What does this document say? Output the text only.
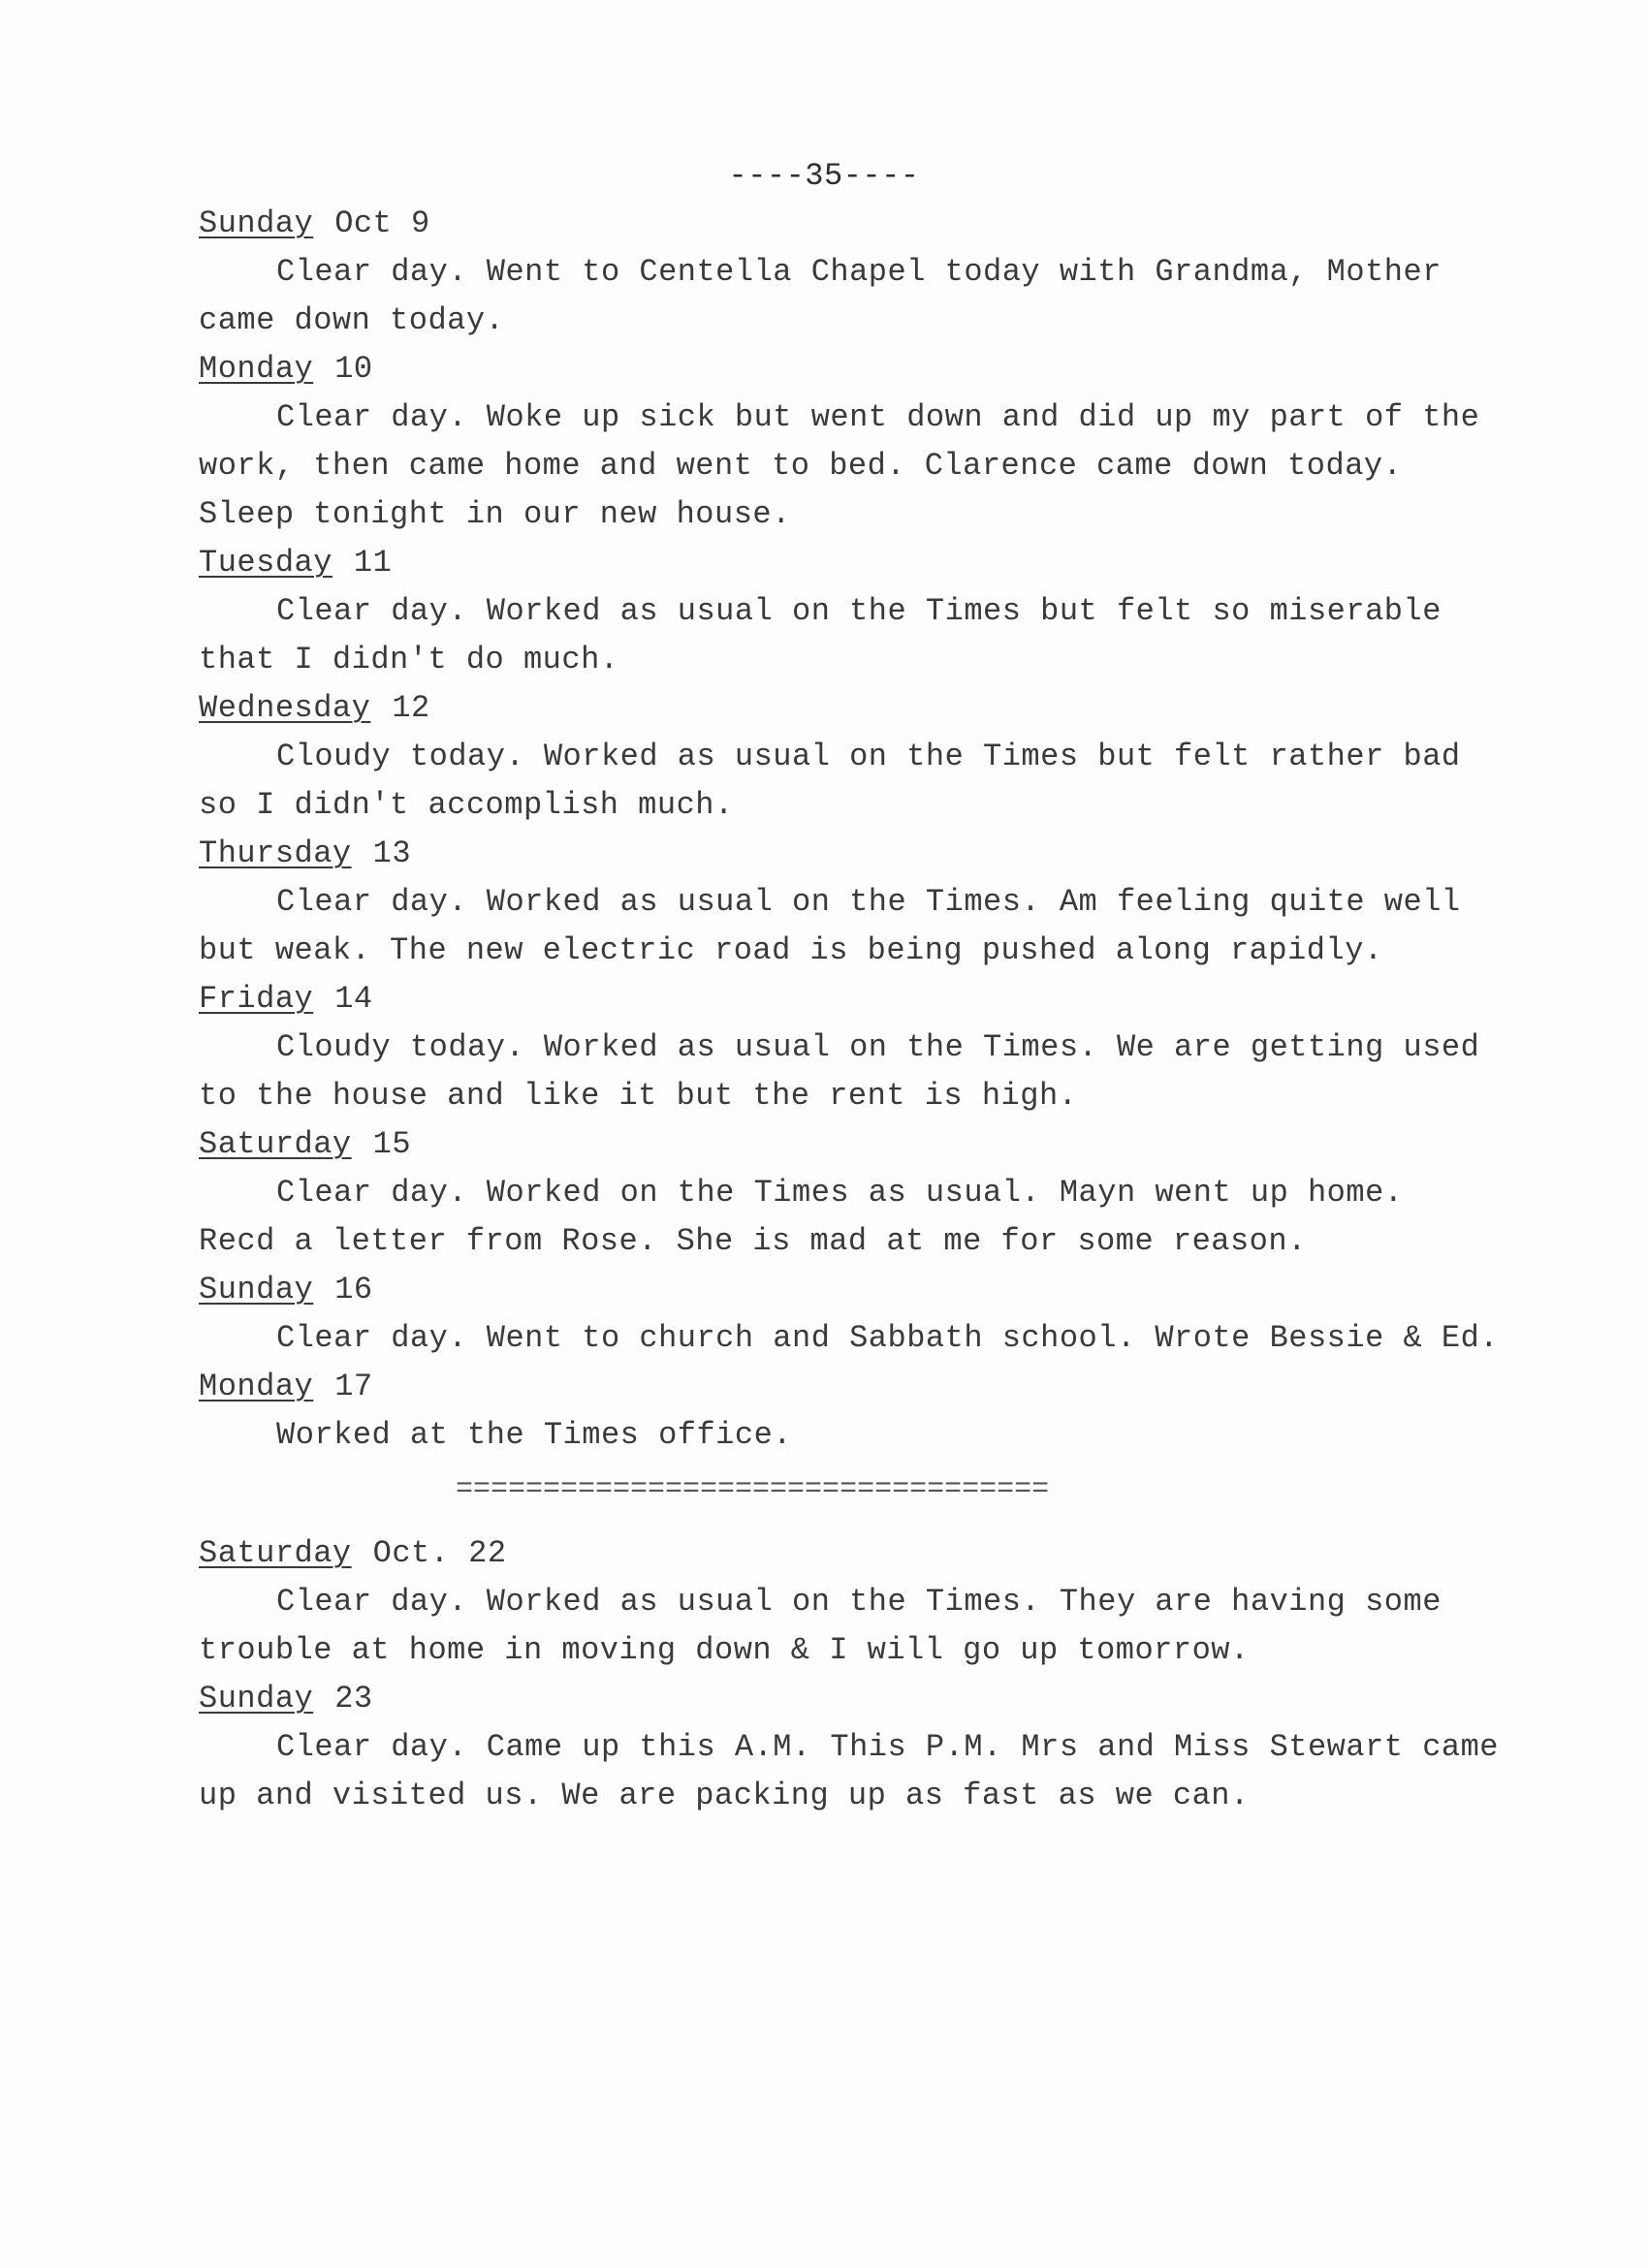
----35----
Sunday Oct 9
Clear day. Went to Centella Chapel today with Grandma, Mother
came down today.
Monday 10
Clear day. Woke up sick but went down and did up my part of the
work, then came home and went to bed. Clarence came down today.
Sleep tonight in our new house.
Tuesday 11
Clear day. Worked as usual on the Times but felt so miserable
that I didn't do much.
Wednesday 12
Cloudy today. Worked as usual on the Times but felt rather bad
so I didn't accomplish much.
Thursday 13
Clear day. Worked as usual on the Times. Am feeling quite well
but weak. The new electric road is being pushed along rapidly.
Friday 14
Cloudy today. Worked as usual on the Times. We are getting used
to the house and like it but the rent is high.
Saturday 15
Clear day. Worked on the Times as usual. Mayn went up home.
Recd a letter from Rose. She is mad at me for some reason.
Sunday 16
Clear day. Went to church and Sabbath school. Wrote Bessie & Ed.
Monday 17
Worked at the Times office.
==================================
Saturday Oct. 22
Clear day. Worked as usual on the Times. They are having some
trouble at home in moving down & I will go up tomorrow.
Sunday 23
Clear day. Came up this A.M. This P.M. Mrs and Miss Stewart came
up and visited us. We are packing up as fast as we can.
